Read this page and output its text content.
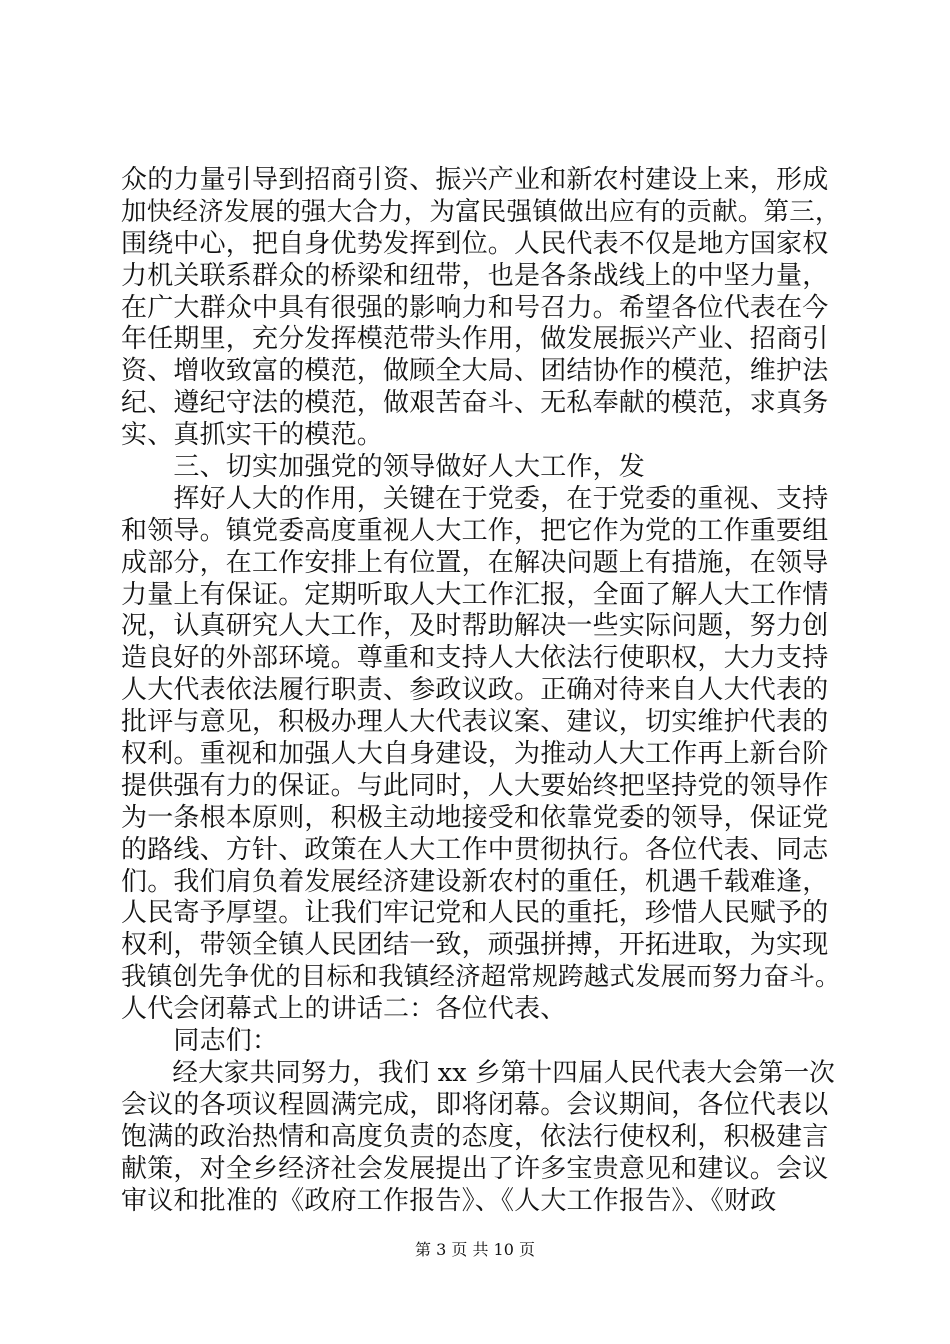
众的力量引导到招商引资、振兴产业和新农村建设上来，形成
加快经济发展的强大合力，为富民强镇做出应有的贡献。第三，
围绕中心，把自身优势发挥到位。人民代表不仅是地方国家权
力机关联系群众的桥梁和纽带，也是各条战线上的中坚力量，
在广大群众中具有很强的影响力和号召力。希望各位代表在今
年任期里，充分发挥模范带头作用，做发展振兴产业、招商引
资、增收致富的模范，做顾全大局、团结协作的模范，维护法
纪、遵纪守法的模范，做艰苦奋斗、无私奉献的模范，求真务
实、真抓实干的模范。
　　三、切实加强党的领导做好人大工作，发
　　挥好人大的作用，关键在于党委，在于党委的重视、支持
和领导。镇党委高度重视人大工作，把它作为党的工作重要组
成部分，在工作安排上有位置，在解决问题上有措施，在领导
力量上有保证。定期听取人大工作汇报，全面了解人大工作情
况，认真研究人大工作，及时帮助解决一些实际问题，努力创
造良好的外部环境。尊重和支持人大依法行使职权，大力支持
人大代表依法履行职责、参政议政。正确对待来自人大代表的
批评与意见，积极办理人大代表议案、建议，切实维护代表的
权利。重视和加强人大自身建设，为推动人大工作再上新台阶
提供强有力的保证。与此同时，人大要始终把坚持党的领导作
为一条根本原则，积极主动地接受和依靠党委的领导，保证党
的路线、方针、政策在人大工作中贯彻执行。各位代表、同志
们。我们肩负着发展经济建设新农村的重任，机遇千载难逢，
人民寄予厚望。让我们牢记党和人民的重托，珍惜人民赋予的
权利，带领全镇人民团结一致，顽强拼搏，开拓进取，为实现
我镇创先争优的目标和我镇经济超常规跨越式发展而努力奋斗。
人代会闭幕式上的讲话二：各位代表、
　　同志们：
　　经大家共同努力，我们 xx 乡第十四届人民代表大会第一次
会议的各项议程圆满完成，即将闭幕。会议期间，各位代表以
饱满的政治热情和高度负责的态度，依法行使权利，积极建言
献策，对全乡经济社会发展提出了许多宝贵意见和建议。会议
审议和批准的《政府工作报告》、《人大工作报告》、《财政
第 3 页 共 10 页
